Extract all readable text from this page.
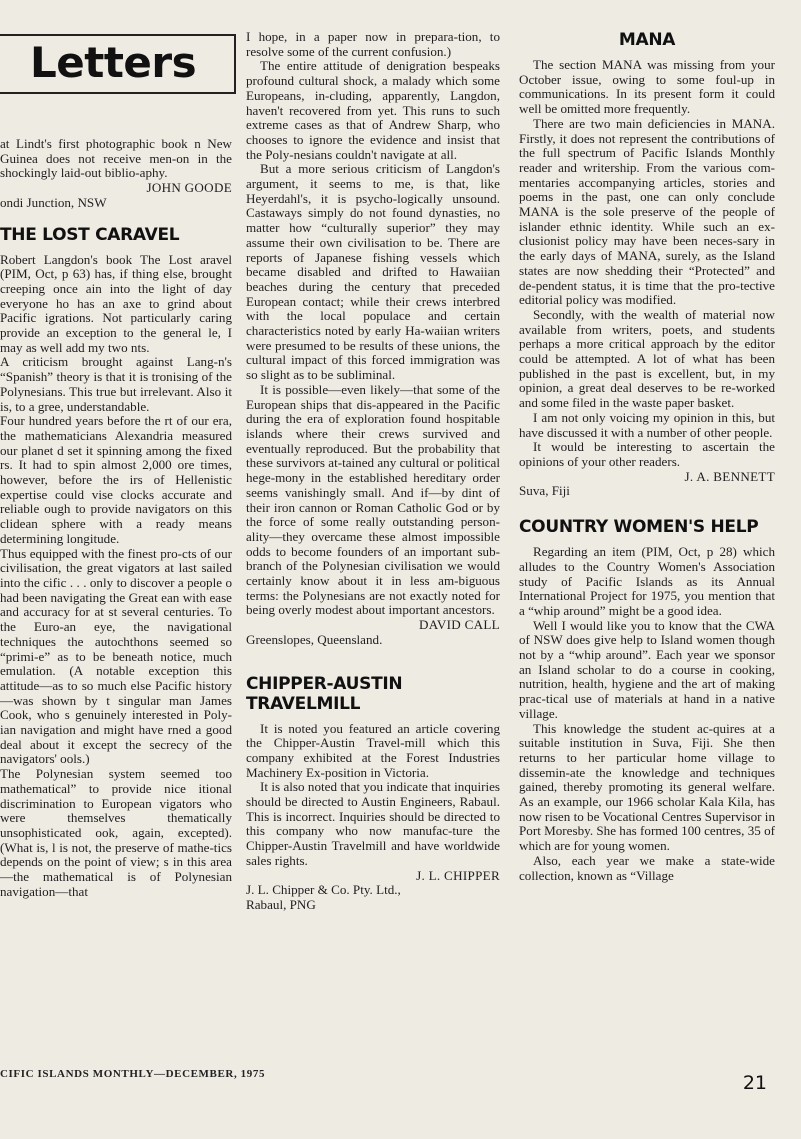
Letters

at Lindt's first photographic book n New Guinea does not receive men-on in the shockingly laid-out biblio-aphy.

JOHN GOODE

ondi Junction, NSW

THE LOST CARAVEL

Robert Langdon's book The Lost aravel (PIM, Oct, p 63) has, if thing else, brought creeping once ain into the light of day everyone ho has an axe to grind about Pacific igrations. Not particularly caring provide an exception to the general le, I may as well add my two nts.

A criticism brought against Lang-n's “Spanish” theory is that it is tronising of the Polynesians. This true but irrelevant. Also it is, to a gree, understandable.

Four hundred years before the rt of our era, the mathematicians Alexandria measured our planet d set it spinning among the fixed rs. It had to spin almost 2,000 ore times, however, before the irs of Hellenistic expertise could vise clocks accurate and reliable ough to provide navigators on this clidean sphere with a ready means determining longitude.

Thus equipped with the finest pro-cts of our civilisation, the great vigators at last sailed into the cific . . . only to discover a people o had been navigating the Great ean with ease and accuracy for at st several centuries. To the Euro-an eye, the navigational techniques the autochthons seemed so “primi-e” as to be beneath notice, much emulation. (A notable exception this attitude—as to so much else Pacific history—was shown by t singular man James Cook, who s genuinely interested in Poly-ian navigation and might have rned a good deal about it except the secrecy of the navigators' ools.)

The Polynesian system seemed too mathematical” to provide nice itional discrimination to European vigators who were themselves thematically unsophisticated ook, again, excepted). (What is, l is not, the preserve of mathe-tics depends on the point of view; s in this area—the mathematical is of Polynesian navigation—that

I hope, in a paper now in prepara-tion, to resolve some of the current confusion.)

The entire attitude of denigration bespeaks profound cultural shock, a malady which some Europeans, in-cluding, apparently, Langdon, haven't recovered from yet. This runs to such extreme cases as that of Andrew Sharp, who chooses to ignore the evidence and insist that the Poly-nesians couldn't navigate at all.

But a more serious criticism of Langdon's argument, it seems to me, is that, like Heyerdahl's, it is psycho-logically unsound. Castaways simply do not found dynasties, no matter how “culturally superior” they may assume their own civilisation to be. There are reports of Japanese fishing vessels which became disabled and drifted to Hawaiian beaches during the century that preceded European contact; while their crews interbred with the local populace and certain characteristics noted by early Ha-waiian writers were presumed to be results of these unions, the cultural impact of this forced immigration was so slight as to be subliminal.

It is possible—even likely—that some of the European ships that dis-appeared in the Pacific during the era of exploration found hospitable islands where their crews survived and eventually reproduced. But the probability that these survivors at-tained any cultural or political hege-mony in the established hereditary order seems vanishingly small. And if—by dint of their iron cannon or Roman Catholic God or by the force of some really outstanding person-ality—they overcame these almost impossible odds to become founders of an important sub-branch of the Polynesian civilisation we would certainly know about it in less am-biguous terms: the Polynesians are not exactly noted for being overly modest about important ancestors.

DAVID CALL

Greenslopes, Queensland.

CHIPPER-AUSTIN TRAVELMILL

It is noted you featured an article covering the Chipper-Austin Travel-mill which this company exhibited at the Forest Industries Machinery Ex-position in Victoria.

It is also noted that you indicate that inquiries should be directed to Austin Engineers, Rabaul. This is incorrect. Inquiries should be directed to this company who now manufac-ture the Chipper-Austin Travelmill and have worldwide sales rights.

J. L. CHIPPER

J. L. Chipper & Co. Pty. Ltd.,

Rabaul, PNG

MANA

The section MANA was missing from your October issue, owing to some foul-up in communications. In its present form it could well be omitted more frequently.

There are two main deficiencies in MANA. Firstly, it does not represent the contributions of the full spectrum of Pacific Islands Monthly reader and writership. From the various com-mentaries accompanying articles, stories and poems in the past, one can only conclude MANA is the sole preserve of the people of islander ethnic identity. While such an ex-clusionist policy may have been neces-sary in the early days of MANA, surely, as the Island states are now shedding their “Protected” and de-pendent status, it is time that the pro-tective editorial policy was modified.

Secondly, with the wealth of material now available from writers, poets, and students perhaps a more critical approach by the editor could be attempted. A lot of what has been published in the past is excellent, but, in my opinion, a great deal deserves to be re-worked and some filed in the waste paper basket.

I am not only voicing my opinion in this, but have discussed it with a number of other people.

It would be interesting to ascertain the opinions of your other readers.

J. A. BENNETT

Suva, Fiji

COUNTRY WOMEN'S HELP

Regarding an item (PIM, Oct, p 28) which alludes to the Country Women's Association study of Pacific Islands as its Annual International Project for 1975, you mention that a “whip around” might be a good idea.

Well I would like you to know that the CWA of NSW does give help to Island women though not by a “whip around”. Each year we sponsor an Island scholar to do a course in cooking, nutrition, health, hygiene and the art of making prac-tical use of materials at hand in a native village.

This knowledge the student ac-quires at a suitable institution in Suva, Fiji. She then returns to her particular home village to dissemin-ate the knowledge and techniques gained, thereby promoting its general welfare. As an example, our 1966 scholar Kala Kila, has now risen to be Vocational Centres Supervisor in Port Moresby. She has formed 100 centres, 35 of which are for young women.

Also, each year we make a state-wide collection, known as “Village

CIFIC ISLANDS MONTHLY—DECEMBER, 1975	21
